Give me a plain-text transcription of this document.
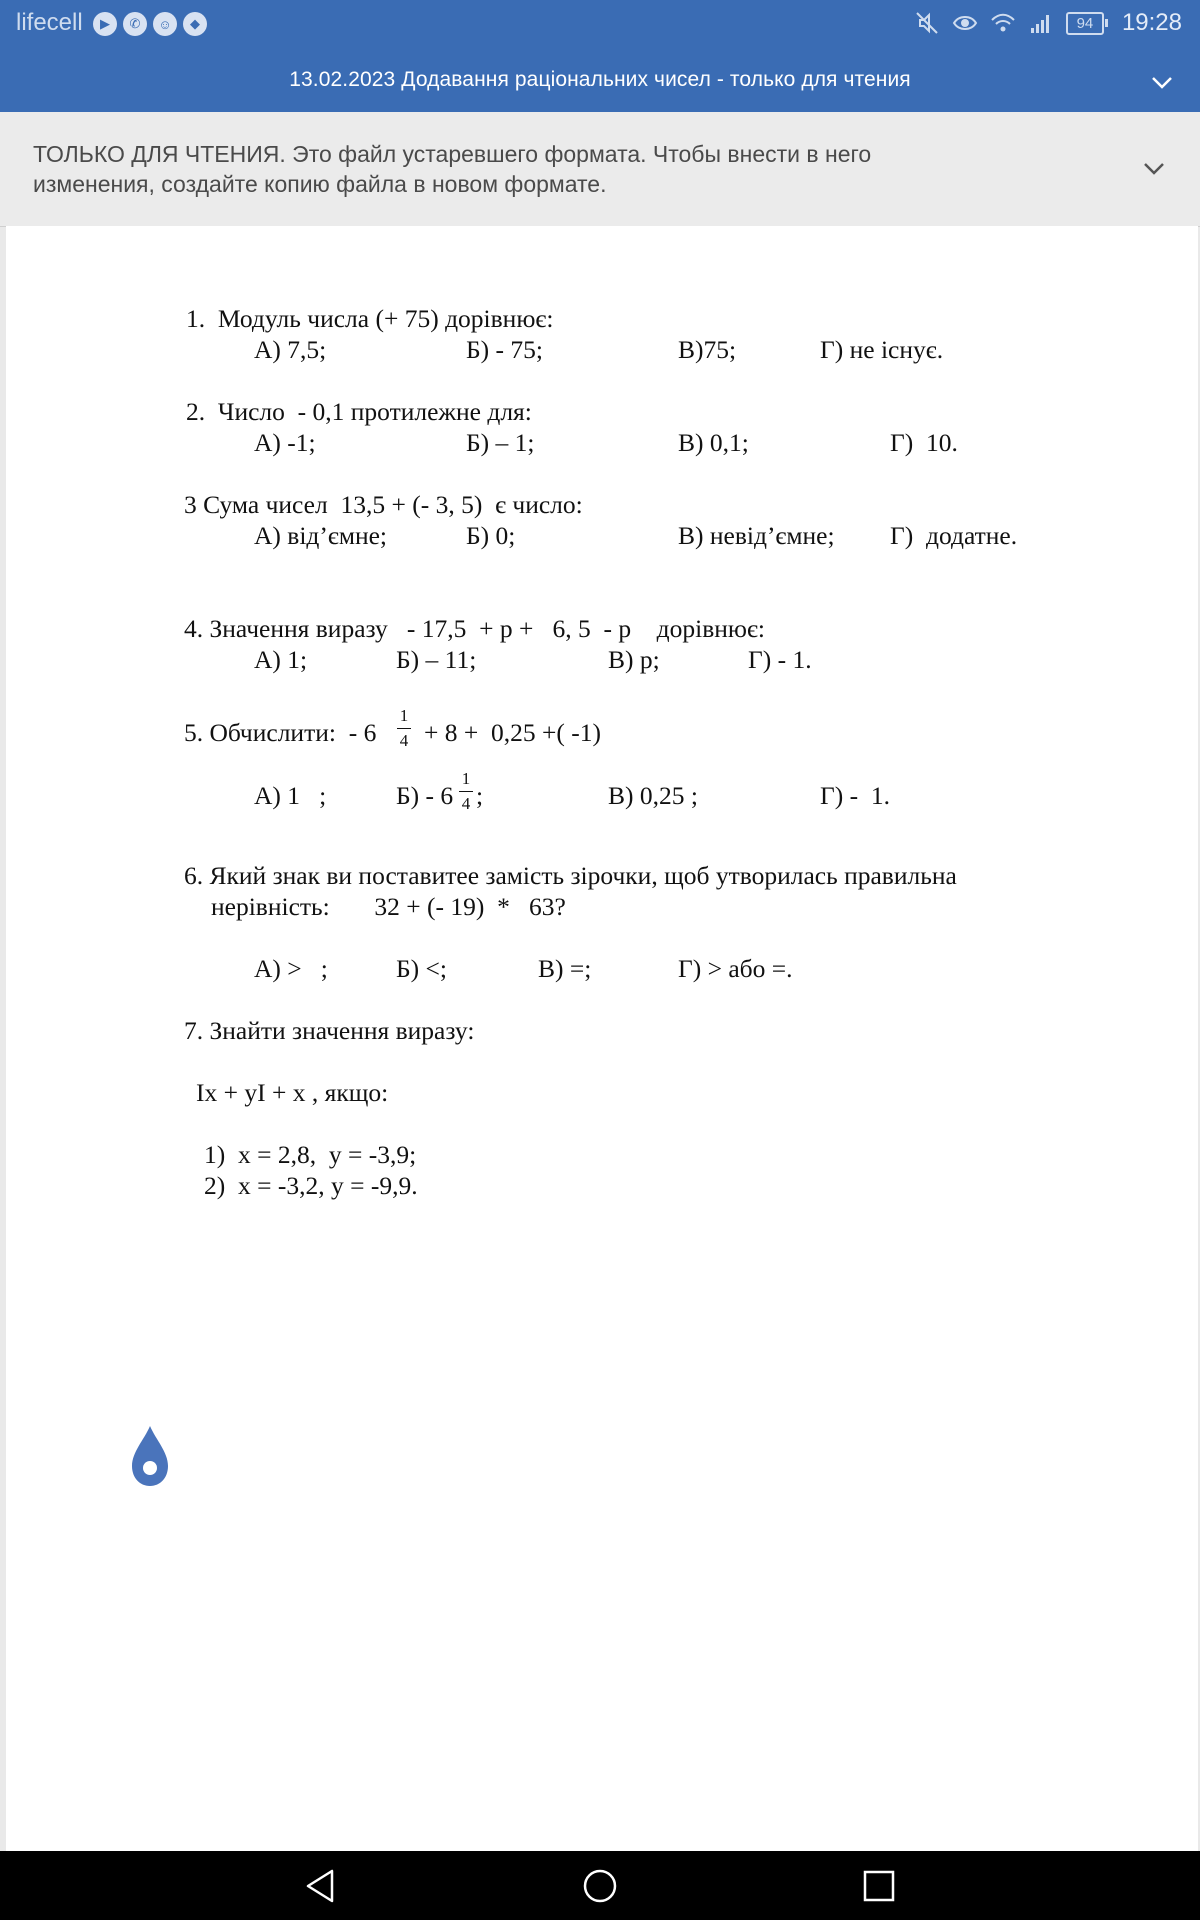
lifecell	▶	✆	☺	◆	94	19:28
13.02.2023 Додавання раціональних чисел - только для чтения
ТОЛЬКО ДЛЯ ЧТЕНИЯ. Это файл устаревшего формата. Чтобы внести в него
изменения, создайте копию файла в новом формате.
1.  Модуль числа (+ 75) дорівнює:
А) 7,5;	Б) - 75;	В)75;	Г) не існує.
2.  Число  - 0,1 протилежне для:
А) -1;	Б) – 1;	В) 0,1;	Г)  10.
3 Сума чисел  13,5 + (- 3, 5)  є число:
А) від’ємне;	Б) 0;	В) невід’ємне; Г)  додатне.
4. Значення виразу   - 17,5  + р +   6, 5  - р    дорівнює:
А) 1;	Б) – 11;	В) р;	Г) - 1.
5. Обчислити:  - 6
1
4 + 8 +  0,25 +( -1)
А) 1   ;	Б) - 6
1
4 ;	В) 0,25 ;	Г) -  1.
6. Який знак ви поставитее замість зірочки, щоб утворилась правильна
нерівність:       32 + (- 19)  *   63?
А) >   ;	Б) <;	В) =;	Г) > або =.
7. Знайти значення виразу:
Іх + уІ + х , якщо:
1)  х = 2,8,  у = -3,9;
2)  х = -3,2, у = -9,9.
